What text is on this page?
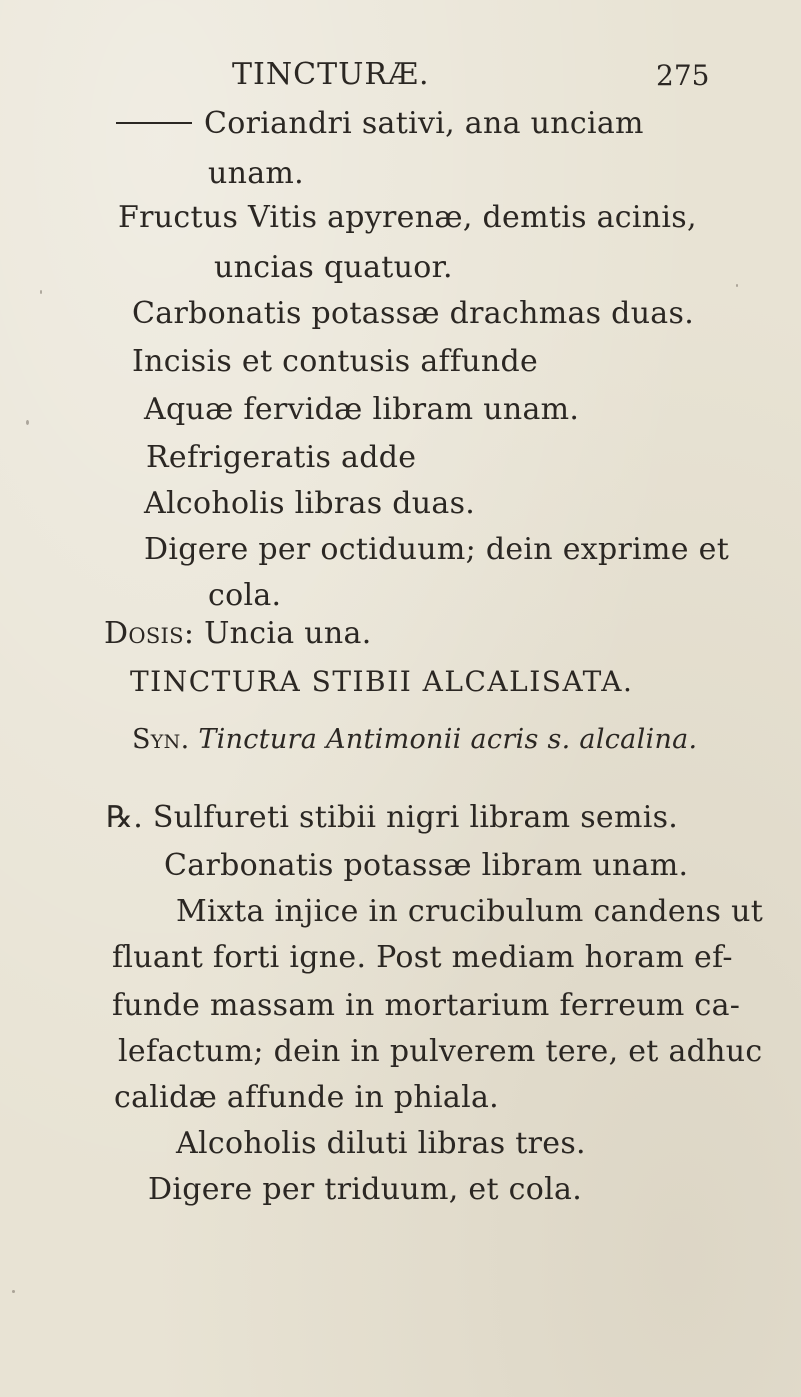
TINCTURÆ.	275
Coriandri sativi, ana unciam
unam.
Fructus Vitis apyrenæ, demtis acinis,
uncias quatuor.
Carbonatis potassæ drachmas duas.
Incisis et contusis affunde
Aquæ fervidæ libram unam.
Refrigeratis adde
Alcoholis libras duas.
Digere per octiduum; dein exprime et
cola.
Dosis: Uncia una.
TINCTURA STIBII ALCALISATA.
Syn. Tinctura Antimonii acris s. alcalina.
℞. Sulfureti stibii nigri libram semis.
Carbonatis potassæ libram unam.
Mixta injice in crucibulum candens ut
fluant forti igne. Post mediam horam ef-
funde massam in mortarium ferreum ca-
lefactum; dein in pulverem tere, et adhuc
calidæ affunde in phiala.
Alcoholis diluti libras tres.
Digere per triduum, et cola.
